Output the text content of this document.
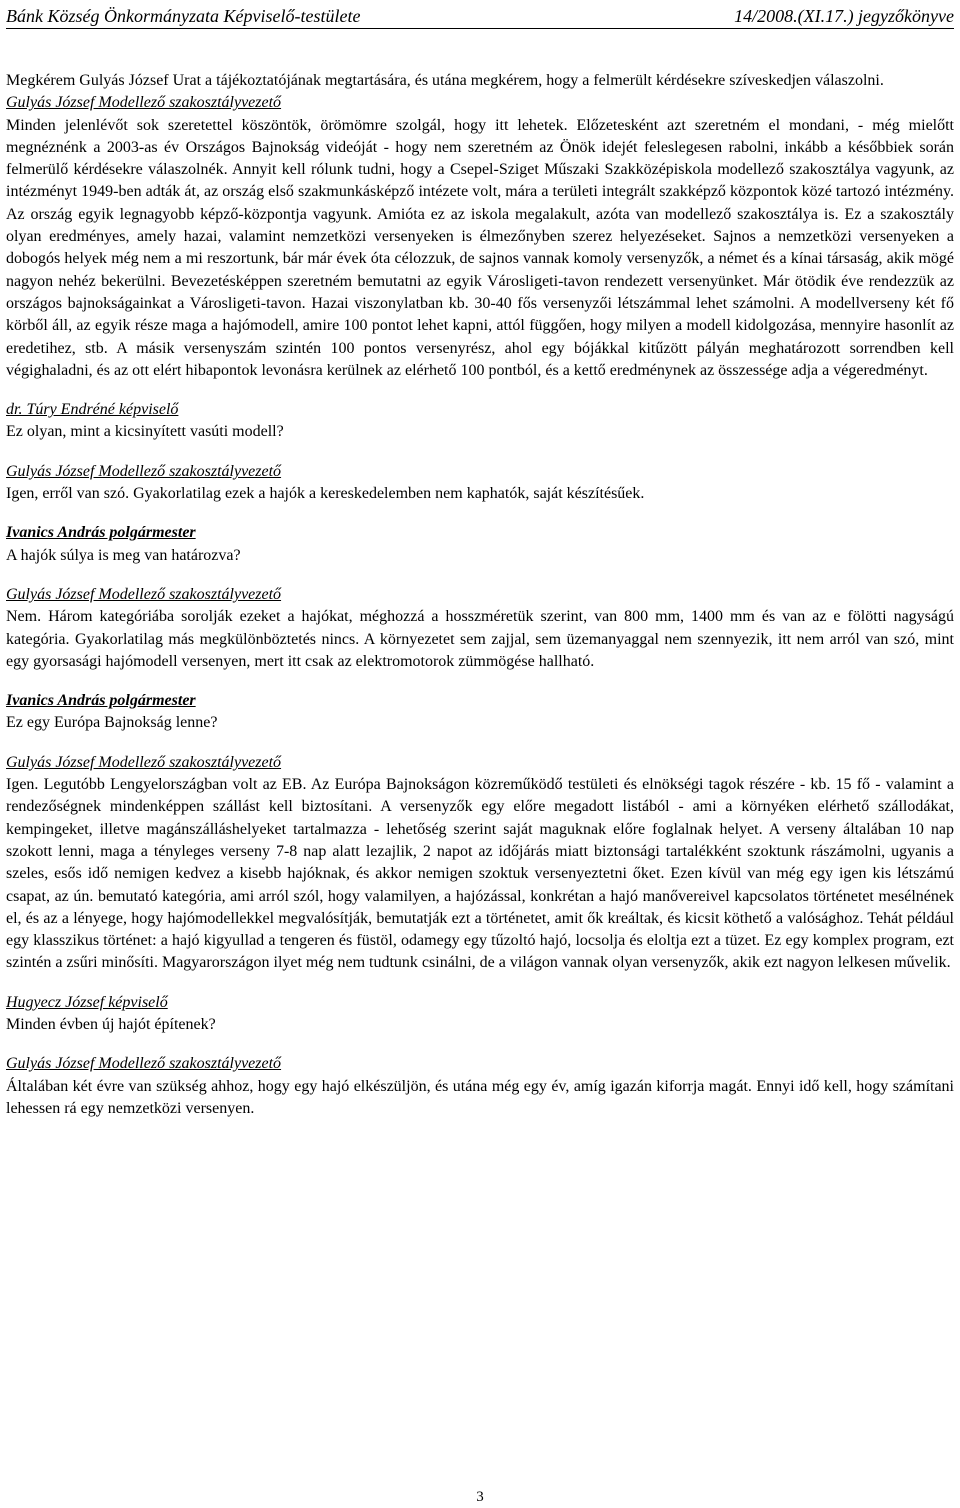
Bánk Község Önkormányzata Képviselő-testülete	14/2008.(XI.17.) jegyzőkönyve

Megkérem Gulyás József Urat a tájékoztatójának megtartására, és utána megkérem, hogy a felmerült kérdésekre szíveskedjen válaszolni.

Gulyás József Modellező szakosztályvezető

Minden jelenlévőt sok szeretettel köszöntök, örömömre szolgál, hogy itt lehetek. Előzetesként azt szeretném el mondani, - még mielőtt megnéznénk a 2003-as év Országos Bajnokság videóját - hogy nem szeretném az Önök idejét feleslegesen rabolni, inkább a későbbiek során felmerülő kérdésekre válaszolnék. Annyit kell rólunk tudni, hogy a Csepel-Sziget Műszaki Szakközépiskola modellező szakosztálya vagyunk, az intézményt 1949-ben adták át, az ország első szakmunkásképző intézete volt, mára a területi integrált szakképző központok közé tartozó intézmény. Az ország egyik legnagyobb képző-központja vagyunk. Amióta ez az iskola megalakult, azóta van modellező szakosztálya is. Ez a szakosztály olyan eredményes, amely hazai, valamint nemzetközi versenyeken is élmezőnyben szerez helyezéseket. Sajnos a nemzetközi versenyeken a dobogós helyek még nem a mi reszortunk, bár már évek óta célozzuk, de sajnos vannak komoly versenyzők, a német és a kínai társaság, akik mögé nagyon nehéz bekerülni. Bevezetésképpen szeretném bemutatni az egyik Városligeti-tavon rendezett versenyünket. Már ötödik éve rendezzük az országos bajnokságainkat a Városligeti-tavon. Hazai viszonylatban kb. 30-40 fős versenyzői létszámmal lehet számolni. A modellverseny két fő körből áll, az egyik része maga a hajómodell, amire 100 pontot lehet kapni, attól függően, hogy milyen a modell kidolgozása, mennyire hasonlít az eredetihez, stb. A másik versenyszám szintén 100 pontos versenyrész, ahol egy bójákkal kitűzött pályán meghatározott sorrendben kell végighaladni, és az ott elért hibapontok levonásra kerülnek az elérhető 100 pontból, és a kettő eredménynek az összessége adja a végeredményt.

dr. Túry Endréné képviselő

Ez olyan, mint a kicsinyített vasúti modell?

Gulyás József Modellező szakosztályvezető

Igen, erről van szó. Gyakorlatilag ezek a hajók a kereskedelemben nem kaphatók, saját készítésűek.

Ivanics András polgármester

A hajók súlya is meg van határozva?

Gulyás József Modellező szakosztályvezető

Nem. Három kategóriába sorolják ezeket a hajókat, méghozzá a hosszméretük szerint, van 800 mm, 1400 mm és van az e fölötti nagyságú kategória. Gyakorlatilag más megkülönböztetés nincs. A környezetet sem zajjal, sem üzemanyaggal nem szennyezik, itt nem arról van szó, mint egy gyorsasági hajómodell versenyen, mert itt csak az elektromotorok zümmögése hallható.

Ivanics András polgármester

Ez egy Európa Bajnokság lenne?

Gulyás József Modellező szakosztályvezető

Igen. Legutóbb Lengyelországban volt az EB. Az Európa Bajnokságon közreműködő testületi és elnökségi tagok részére - kb. 15 fő - valamint a rendezőségnek mindenképpen szállást kell biztosítani. A versenyzők egy előre megadott listából - ami a környéken elérhető szállodákat, kempingeket, illetve magánszálláshelyeket tartalmazza - lehetőség szerint saját maguknak előre foglalnak helyet. A verseny általában 10 nap szokott lenni, maga a tényleges verseny 7-8 nap alatt lezajlik, 2 napot az időjárás miatt biztonsági tartalékként szoktunk rászámolni, ugyanis a szeles, esős idő nemigen kedvez a kisebb hajóknak, és akkor nemigen szoktuk versenyeztetni őket. Ezen kívül van még egy igen kis létszámú csapat, az ún. bemutató kategória, ami arról szól, hogy valamilyen, a hajózással, konkrétan a hajó manővereivel kapcsolatos történetet mesélnének el, és az a lényege, hogy hajómodellekkel megvalósítják, bemutatják ezt a történetet, amit ők kreáltak, és kicsit köthető a valósághoz. Tehát például egy klasszikus történet: a hajó kigyullad a tengeren és füstöl, odamegy egy tűzoltó hajó, locsolja és eloltja ezt a tüzet. Ez egy komplex program, ezt szintén a zsűri minősíti. Magyarországon ilyet még nem tudtunk csinálni, de a világon vannak olyan versenyzők, akik ezt nagyon lelkesen művelik.

Hugyecz József képviselő

Minden évben új hajót építenek?

Gulyás József Modellező szakosztályvezető

Általában két évre van szükség ahhoz, hogy egy hajó elkészüljön, és utána még egy év, amíg igazán kiforrja magát. Ennyi idő kell, hogy számítani lehessen rá egy nemzetközi versenyen.

3
